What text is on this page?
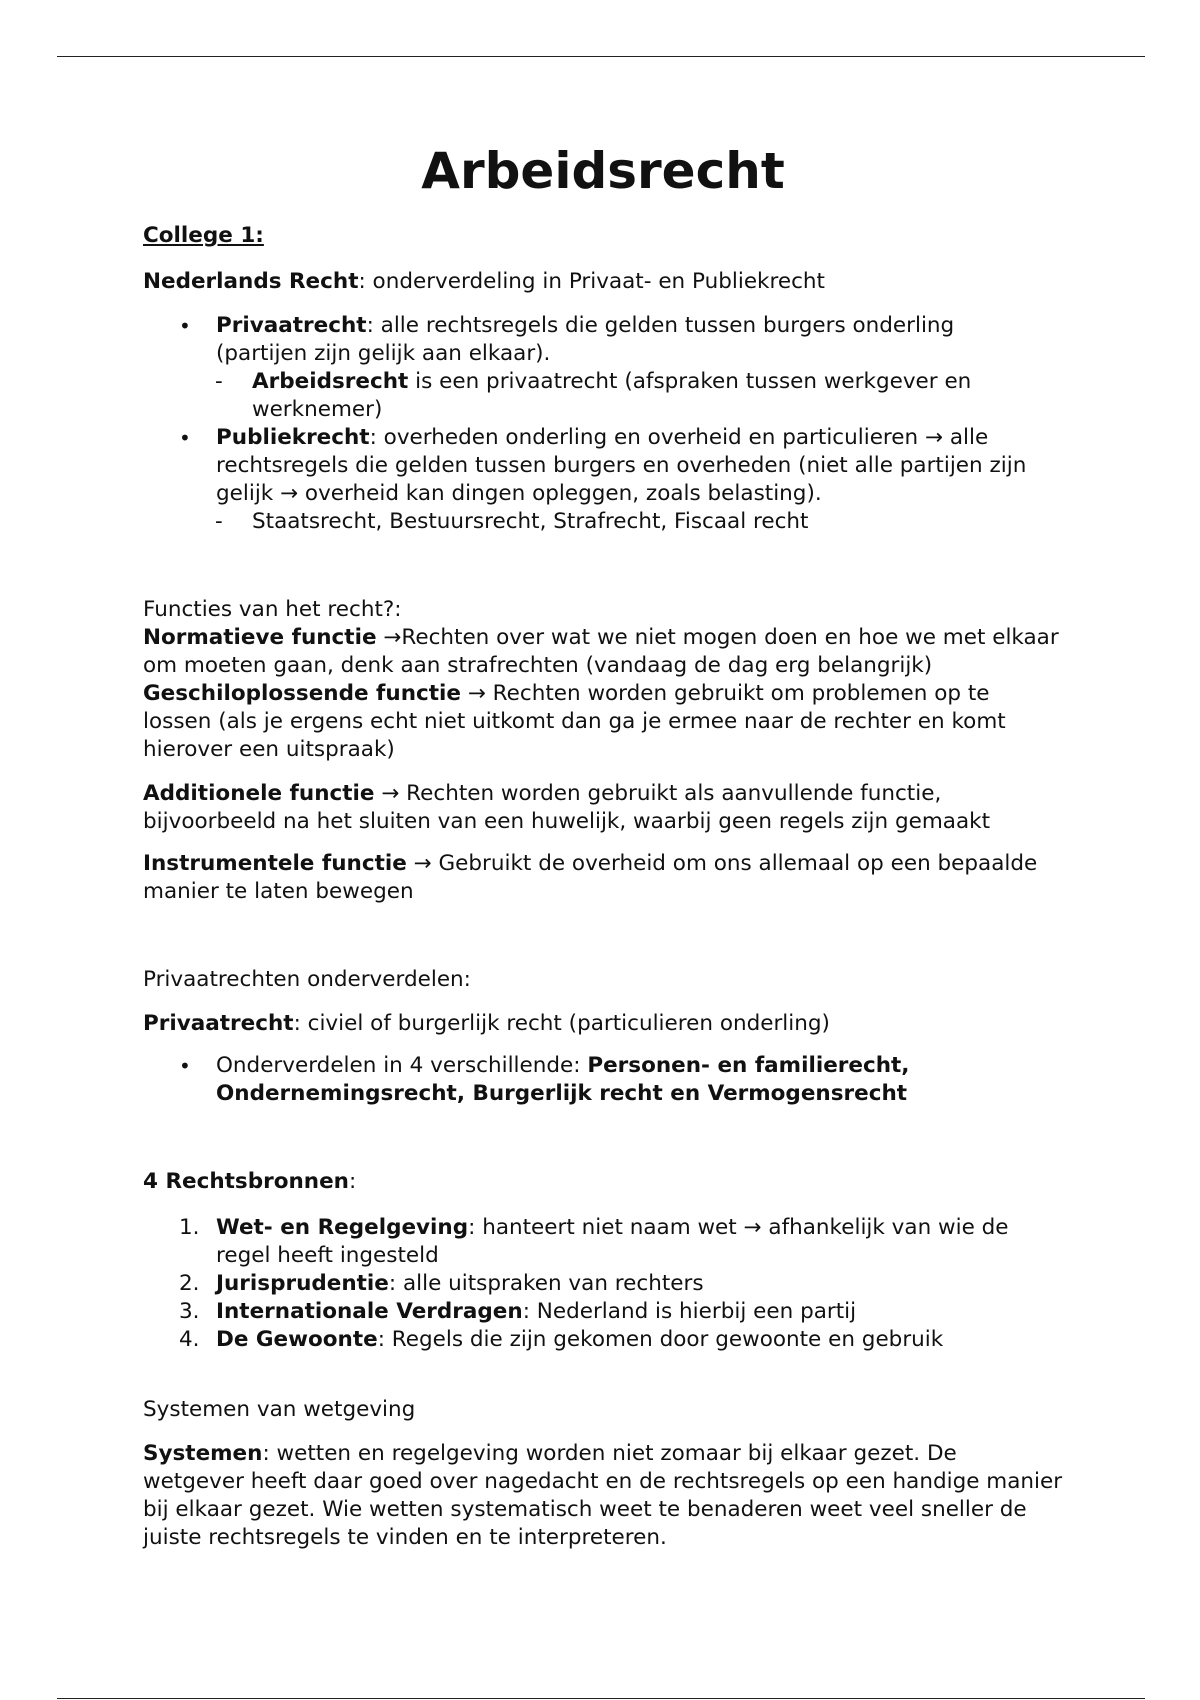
Arbeidsrecht

College 1:

Nederlands Recht: onderverdeling in Privaat- en Publiekrecht

• Privaatrecht: alle rechtsregels die gelden tussen burgers onderling (partijen zijn gelijk aan elkaar).
- Arbeidsrecht is een privaatrecht (afspraken tussen werkgever en werknemer)
• Publiekrecht: overheden onderling en overheid en particulieren → alle rechtsregels die gelden tussen burgers en overheden (niet alle partijen zijn gelijk → overheid kan dingen opleggen, zoals belasting).
- Staatsrecht, Bestuursrecht, Strafrecht, Fiscaal recht

Functies van het recht?:

Normatieve functie →Rechten over wat we niet mogen doen en hoe we met elkaar om moeten gaan, denk aan strafrechten (vandaag de dag erg belangrijk)

Geschiloplossende functie → Rechten worden gebruikt om problemen op te lossen (als je ergens echt niet uitkomt dan ga je ermee naar de rechter en komt hierover een uitspraak)

Additionele functie → Rechten worden gebruikt als aanvullende functie, bijvoorbeeld na het sluiten van een huwelijk, waarbij geen regels zijn gemaakt

Instrumentele functie → Gebruikt de overheid om ons allemaal op een bepaalde manier te laten bewegen

Privaatrechten onderverdelen:

Privaatrecht: civiel of burgerlijk recht (particulieren onderling)

• Onderverdelen in 4 verschillende: Personen- en familierecht, Ondernemingsrecht, Burgerlijk recht en Vermogensrecht

4 Rechtsbronnen:

1. Wet- en Regelgeving: hanteert niet naam wet → afhankelijk van wie de regel heeft ingesteld
2. Jurisprudentie: alle uitspraken van rechters
3. Internationale Verdragen: Nederland is hierbij een partij
4. De Gewoonte: Regels die zijn gekomen door gewoonte en gebruik

Systemen van wetgeving

Systemen: wetten en regelgeving worden niet zomaar bij elkaar gezet. De wetgever heeft daar goed over nagedacht en de rechtsregels op een handige manier bij elkaar gezet. Wie wetten systematisch weet te benaderen weet veel sneller de juiste rechtsregels te vinden en te interpreteren.
